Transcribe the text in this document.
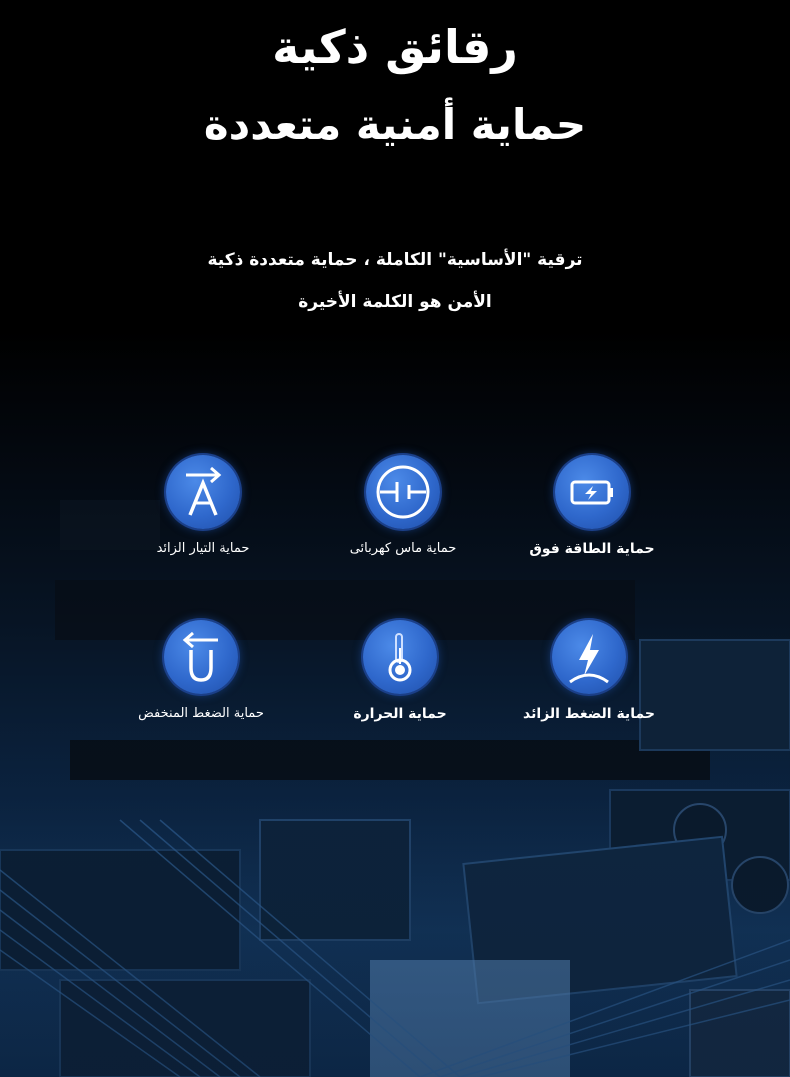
رقائق ذكية
حماية أمنية متعددة
ترقية "الأساسية" الكاملة ، حماية متعددة ذكية
الأمن هو الكلمة الأخيرة
حماية التيار الزائد	حماية ماس كهربائى	حماية الطاقة فوق
حماية الضغط المنخفض	حماية الحرارة	حماية الضغط الزائد
